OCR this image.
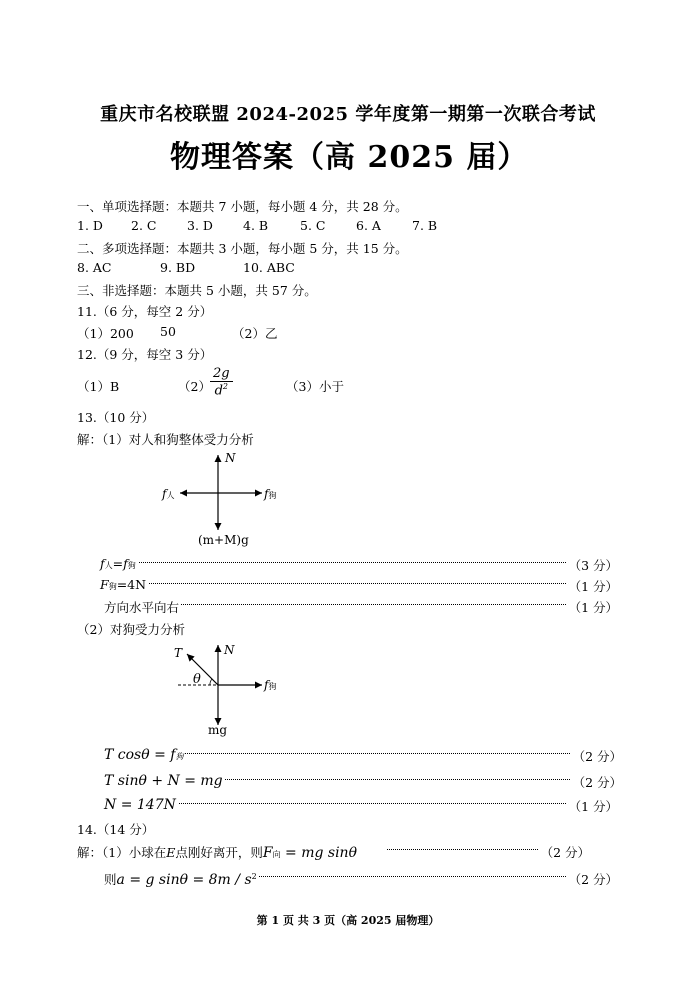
重庆市名校联盟 2024-2025 学年度第一期第一次联合考试
物理答案（高 2025 届）
一、单项选择题：本题共 7 小题，每小题 4 分，共 28 分。
1. D 2. C 3. D 4. B	5. C 6. A 7. B
二、多项选择题：本题共 3 小题，每小题 5 分，共 15 分。
8. AC	9. BD	10. ABC
三、非选择题：本题共 5 小题，共 57 分。
11.（6 分，每空 2 分）
（1）200 50	（2）乙
12.（9 分，每空 3 分）
（1）B	$(2) \frac{2g}{d^2}$	（3）小于
13.（10 分）
解：（1）对人和狗整体受力分析
N
f人	f狗
(m+M)g
f人=f狗	（3 分）
F狗=4N	（1 分）
方向水平向右	（1 分）
（2）对狗受力分析
T	N
θ	f狗
mg
T cosθ = f狗	（2 分）
T sinθ + N = mg	（2 分）
N = 147N	（1 分）
14.（14 分）
解：（1）小球在E点刚好离开，则F向 = mg sinθ	（2 分）
则a = g $\sin\theta = 8m / s^2$	（2 分）
第 1 页 共 3 页（高 2025 届物理）
